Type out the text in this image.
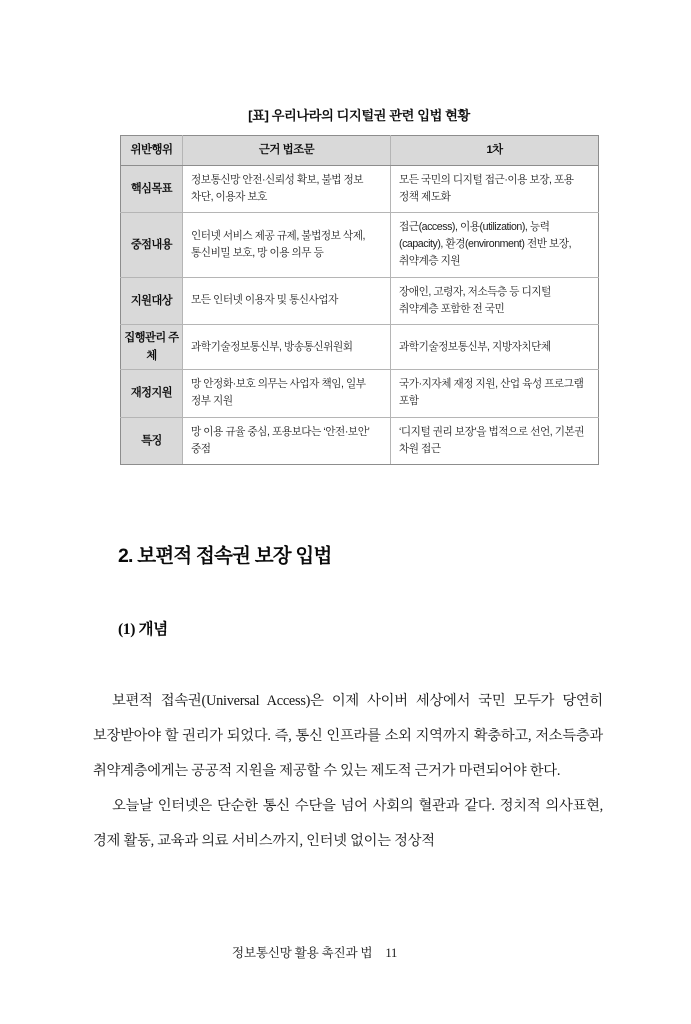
[표] 우리나라의 디지털권 관련 입법 현황
위반행위	근거 법조문	1차
핵심목표	정보통신망 안전·신뢰성 확보, 불법 정보 차단, 이용자 보호	모든 국민의 디지털 접근·이용 보장, 포용 정책 제도화
중점내용	인터넷 서비스 제공 규제, 불법정보 삭제, 통신비밀 보호, 망 이용 의무 등	접근(access), 이용(utilization), 능력(capacity), 환경(environment) 전반 보장, 취약계층 지원
지원대상	모든 인터넷 이용자 및 통신사업자	장애인, 고령자, 저소득층 등 디지털 취약계층 포함한 전 국민
집행관리 주체	과학기술정보통신부, 방송통신위원회	과학기술정보통신부, 지방자치단체
재정지원	망 안정화·보호 의무는 사업자 책임, 일부 정부 지원	국가·지자체 재정 지원, 산업 육성 프로그램 포함
특징	망 이용 규율 중심, 포용보다는 ‘안전·보안’ 중점	‘디지털 권리 보장’을 법적으로 선언, 기본권 차원 접근
2. 보편적 접속권 보장 입법
(1) 개념

보편적 접속권(Universal Access)은 이제 사이버 세상에서 국민 모두가 당연히 보장받아야 할 권리가 되었다. 즉, 통신 인프라를 소외 지역까지 확충하고, 저소득층과 취약계층에게는 공공적 지원을 제공할 수 있는 제도적 근거가 마련되어야 한다.

오늘날 인터넷은 단순한 통신 수단을 넘어 사회의 혈관과 같다. 정치적 의사표현, 경제 활동, 교육과 의료 서비스까지, 인터넷 없이는 정상적

정보통신망 활용 촉진과 법 11
